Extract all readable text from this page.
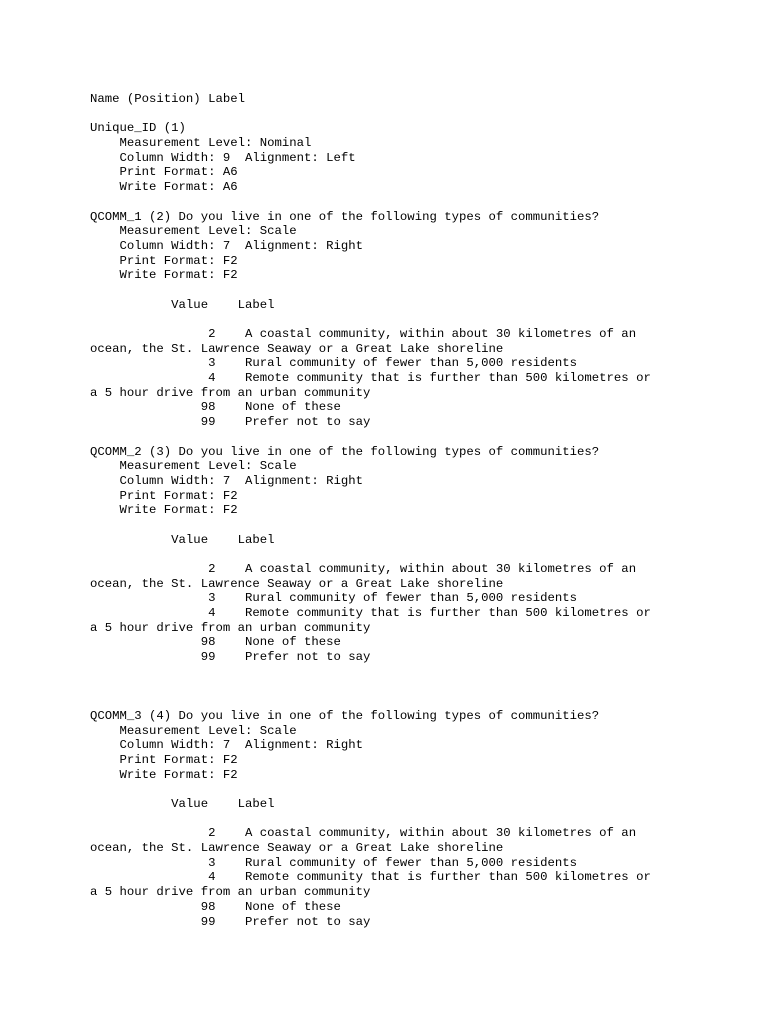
Name (Position) Label
Unique_ID (1)
Measurement Level: Nominal
Column Width: 9  Alignment: Left
Print Format: A6
Write Format: A6
QCOMM_1 (2) Do you live in one of the following types of communities?
Measurement Level: Scale
Column Width: 7  Alignment: Right
Print Format: F2
Write Format: F2
Value    Label
2    A coastal community, within about 30 kilometres of an
ocean, the St. Lawrence Seaway or a Great Lake shoreline
3    Rural community of fewer than 5,000 residents
4    Remote community that is further than 500 kilometres or
a 5 hour drive from an urban community
98    None of these
99    Prefer not to say
QCOMM_2 (3) Do you live in one of the following types of communities?
Measurement Level: Scale
Column Width: 7  Alignment: Right
Print Format: F2
Write Format: F2
Value    Label
2    A coastal community, within about 30 kilometres of an
ocean, the St. Lawrence Seaway or a Great Lake shoreline
3    Rural community of fewer than 5,000 residents
4    Remote community that is further than 500 kilometres or
a 5 hour drive from an urban community
98    None of these
99    Prefer not to say
QCOMM_3 (4) Do you live in one of the following types of communities?
Measurement Level: Scale
Column Width: 7  Alignment: Right
Print Format: F2
Write Format: F2
Value    Label
2    A coastal community, within about 30 kilometres of an
ocean, the St. Lawrence Seaway or a Great Lake shoreline
3    Rural community of fewer than 5,000 residents
4    Remote community that is further than 500 kilometres or
a 5 hour drive from an urban community
98    None of these
99    Prefer not to say
